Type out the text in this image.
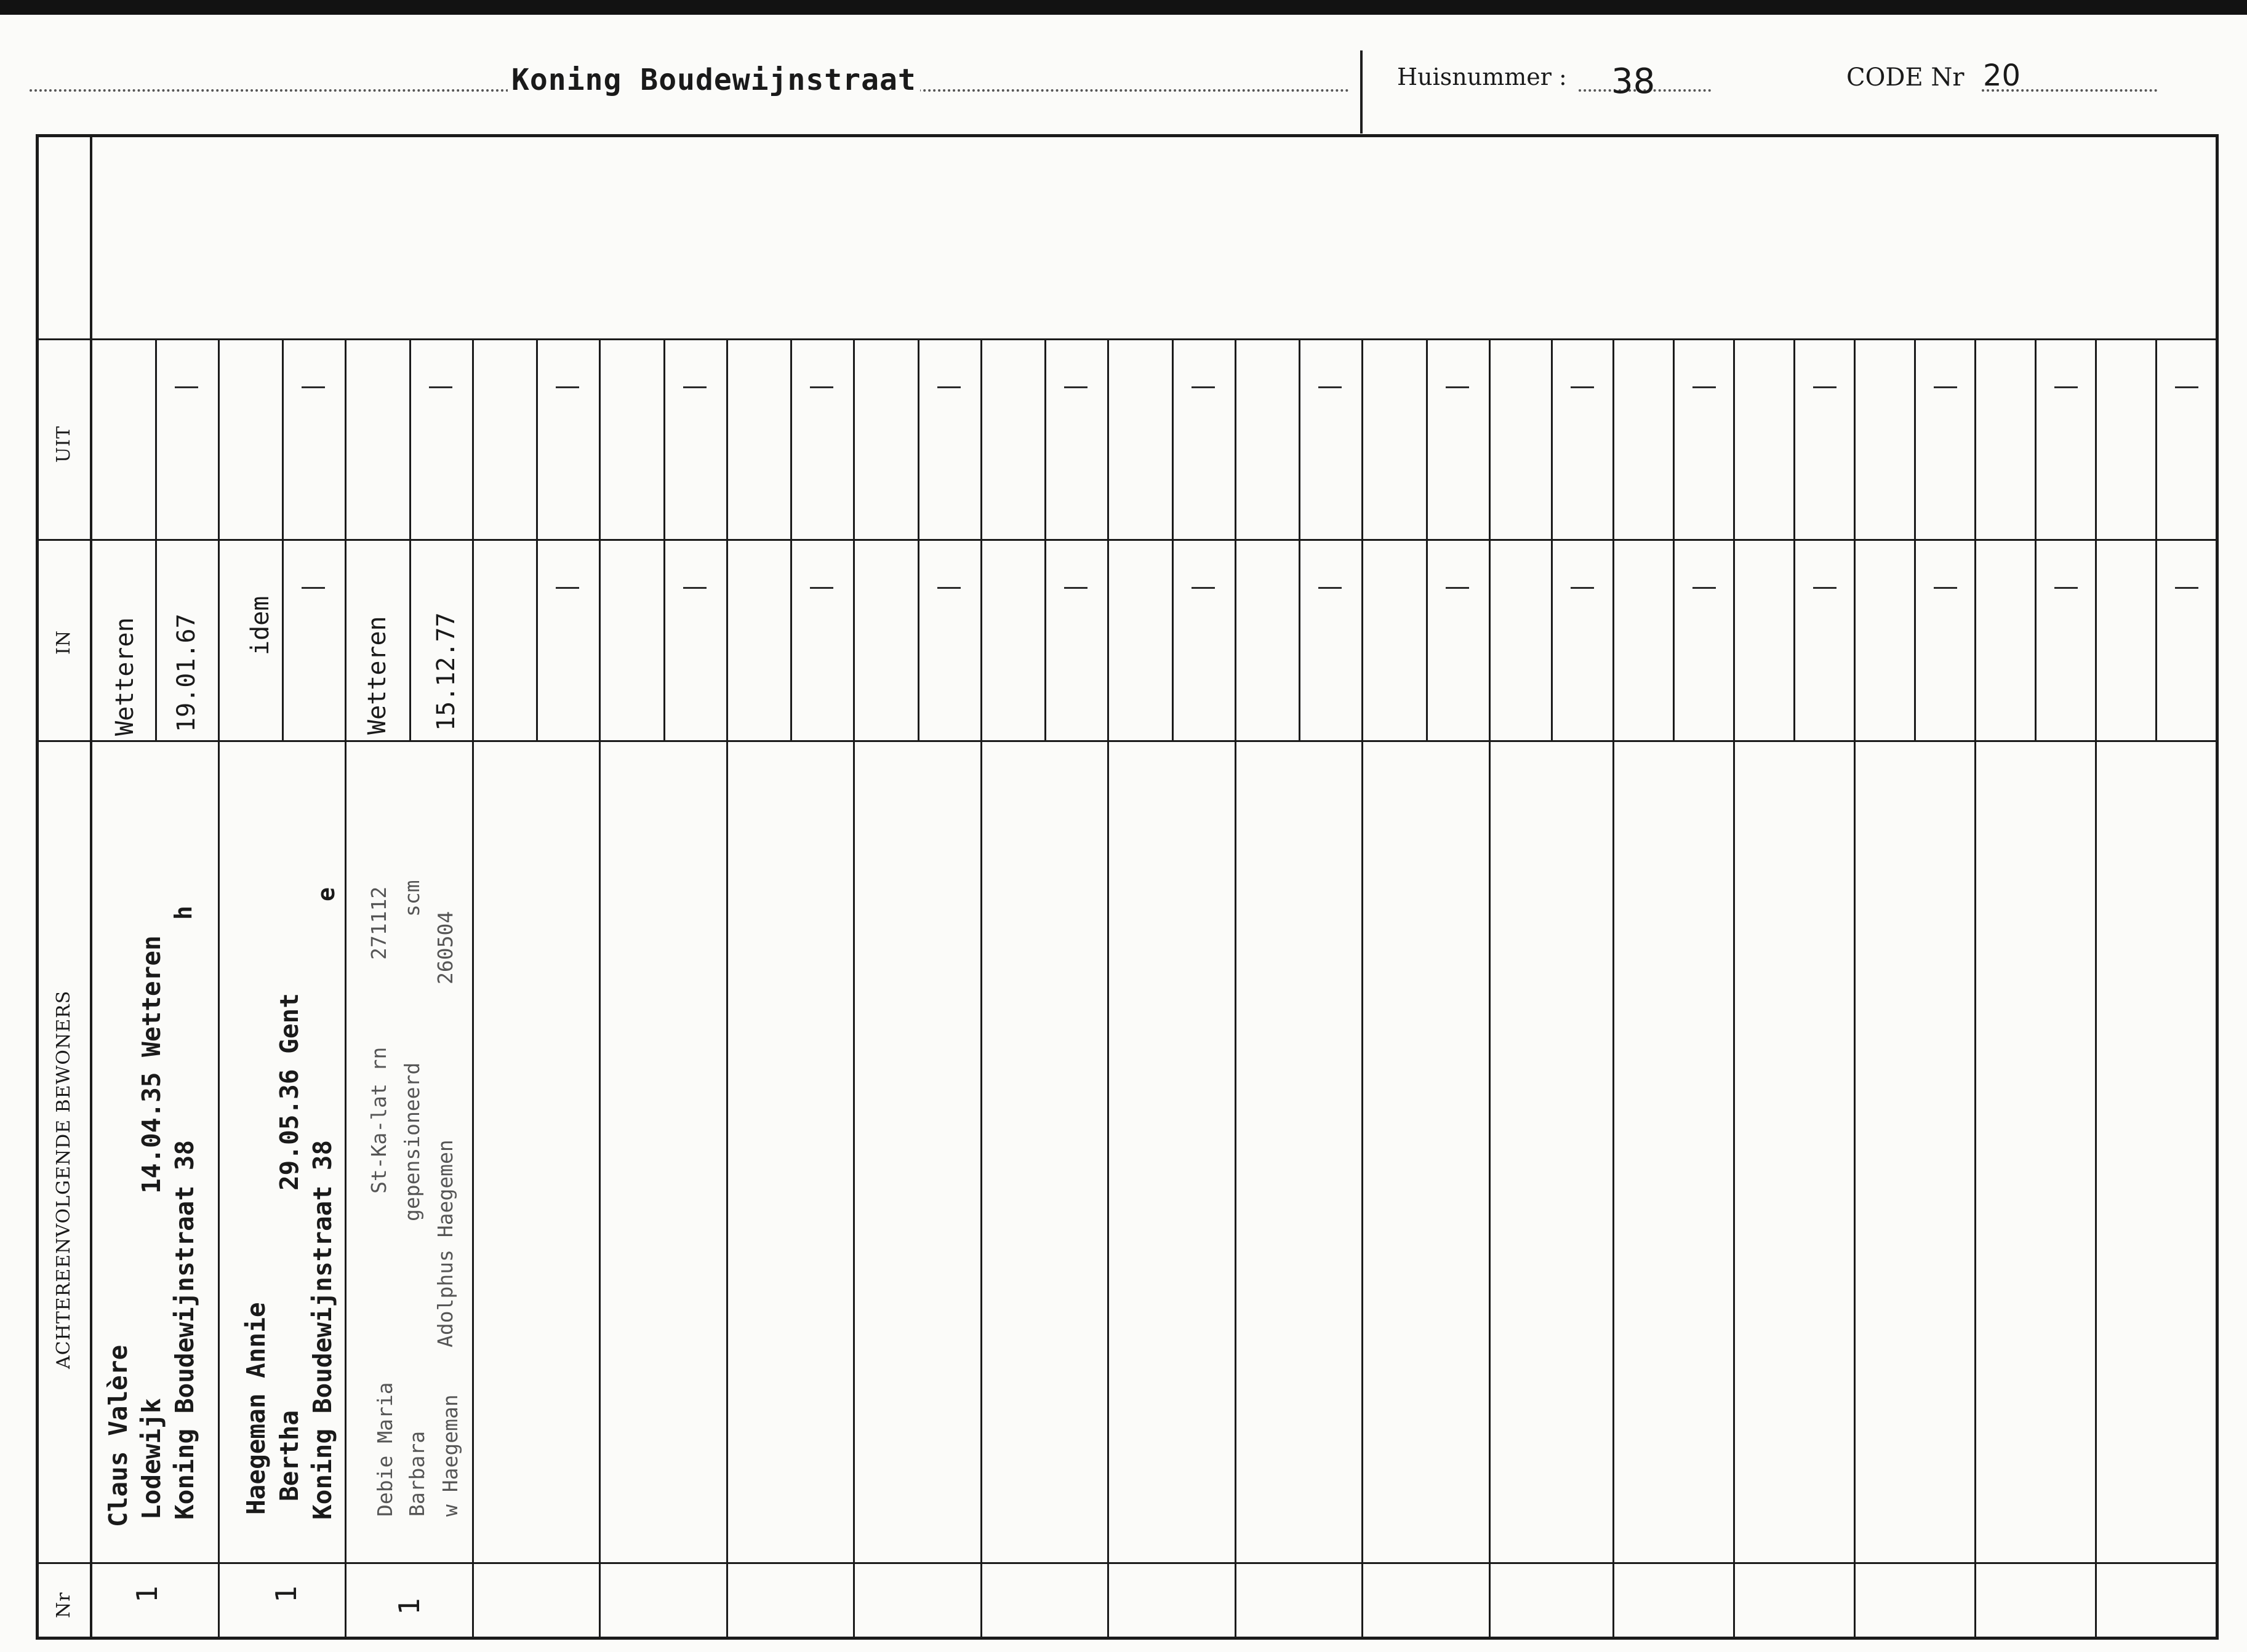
Koning Boudewijnstraat	Huisnummer : 38	CODE Nr 20
UIT
IN
ACHTEREENVOLGENDE BEWONERS
Nr
Wetteren 19.01.67
Claus Valère Lodewijk Koning Boudewijnstraat 38
14.04.35 Wetteren
h
1
idem
Haegeman Annie Bertha Koning Boudewijnstraat 38
29.05.36 Gent
e
1
Wetteren 15.12.77
Debie Maria Barbara w Haegeman
St-Ka-lat rn gepensioneerd Adolphus Haegemen
271112 scm
260504
1
